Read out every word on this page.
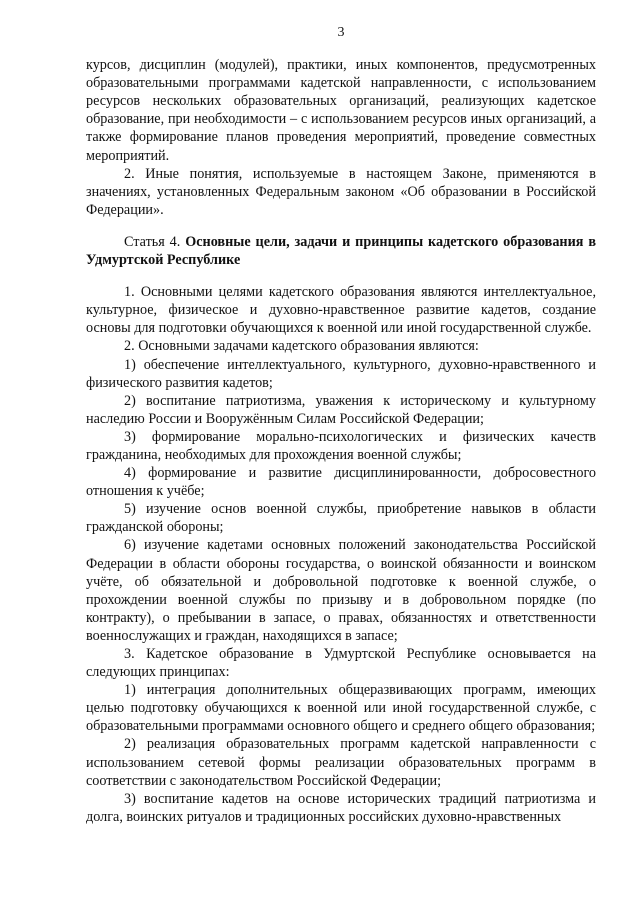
3

курсов, дисциплин (модулей), практики, иных компонентов, предусмотренных образовательными программами кадетской направленности, с использованием ресурсов нескольких образовательных организаций, реализующих кадетское образование, при необходимости – с использованием ресурсов иных организаций, а также формирование планов проведения мероприятий, проведение совместных мероприятий.

2. Иные понятия, используемые в настоящем Законе, применяются в значениях, установленных Федеральным законом «Об образовании в Российской Федерации».

Статья 4. Основные цели, задачи и принципы кадетского образования в Удмуртской Республике

1. Основными целями кадетского образования являются интеллектуальное, культурное, физическое и духовно-нравственное развитие кадетов, создание основы для подготовки обучающихся к военной или иной государственной службе.

2. Основными задачами кадетского образования являются:

1) обеспечение интеллектуального, культурного, духовно-нравственного и физического развития кадетов;

2) воспитание патриотизма, уважения к историческому и культурному наследию России и Вооружённым Силам Российской Федерации;

3) формирование морально-психологических и физических качеств гражданина, необходимых для прохождения военной службы;

4) формирование и развитие дисциплинированности, добросовестного отношения к учёбе;

5) изучение основ военной службы, приобретение навыков в области гражданской обороны;

6) изучение кадетами основных положений законодательства Российской Федерации в области обороны государства, о воинской обязанности и воинском учёте, об обязательной и добровольной подготовке к военной службе, о прохождении военной службы по призыву и в добровольном порядке (по контракту), о пребывании в запасе, о правах, обязанностях и ответственности военнослужащих и граждан, находящихся в запасе;

3. Кадетское образование в Удмуртской Республике основывается на следующих принципах:

1) интеграция дополнительных общеразвивающих программ, имеющих целью подготовку обучающихся к военной или иной государственной службе, с образовательными программами основного общего и среднего общего образования;

2) реализация образовательных программ кадетской направленности с использованием сетевой формы реализации образовательных программ в соответствии с законодательством Российской Федерации;

3) воспитание кадетов на основе исторических традиций патриотизма и долга, воинских ритуалов и традиционных российских духовно-нравственных
